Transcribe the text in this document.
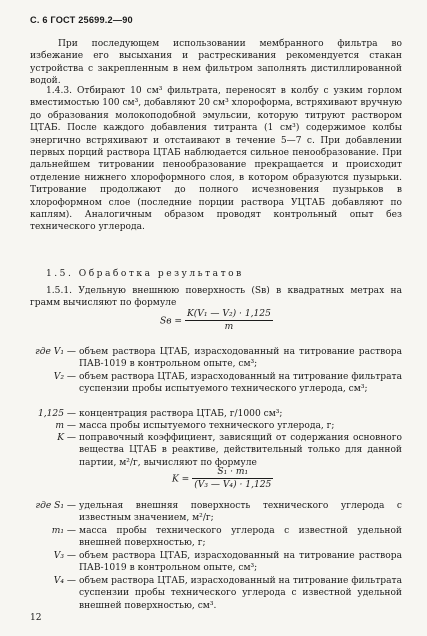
С. 6 ГОСТ 25699.2—90
При последующем использовании мембранного фильтра во избежание его высыхания и растрескивания рекомендуется стакан устройства с закрепленным в нем фильтром заполнять дистиллированной водой.
1.4.3. Отбирают 10 см³ фильтрата, переносят в колбу с узким горлом вместимостью 100 см³, добавляют 20 см³ хлороформа, встряхивают вручную до образования молокоподобной эмульсии, которую титруют раствором ЦТАБ. После каждого добавления титранта (1 см³) содержимое колбы энергично встряхивают и отстаивают в течение 5—7 с. При добавлении первых порций раствора ЦТАБ наблюдается сильное пенообразование. При дальнейшем титровании пенообразование прекращается и происходит отделение нижнего хлороформного слоя, в котором образуются пузырьки. Титрование продолжают до полного исчезновения пузырьков в хлороформном слое (последние порции раствора УЦТАБ добавляют по каплям). Аналогичным образом проводят контрольный опыт без технического углерода.
1.5. Обработка результатов
1.5.1. Удельную внешнюю поверхность (Sв) в квадратных метрах на грамм вычисляют по формуле
Sв = $\frac{\text{K(V₁ — V₂) · 1,125}}{m}$
где V₁ — объем раствора ЦТАБ, израсходованный на титрование раствора ПАВ-1019 в контрольном опыте, см³;
V₂ — объем раствора ЦТАБ, израсходованный на титрование фильтрата суспензии пробы испытуемого технического углерода, см³;
1,125 — концентрация раствора ЦТАБ, г/1000 см³;
m — масса пробы испытуемого технического углерода, г;
K — поправочный коэффициент, зависящий от содержания основного вещества ЦТАБ в реактиве, действительный только для данной партии, м²/г, вычисляют по формуле
$K = \frac{\text{S₁ · m₁}}{\text{(V₃ — V₄) · 1,125}}$
где S₁ — удельная внешняя поверхность технического углерода с известным значением, м²/г;
m₁ — масса пробы технического углерода с известной удельной внешней поверхностью, г;
V₃ — объем раствора ЦТАБ, израсходованный на титрование раствора ПАВ-1019 в контрольном опыте, см³;
V₄ — объем раствора ЦТАБ, израсходованный на титрование фильтрата суспензии пробы технического углерода с известной удельной внешней поверхностью, см³.
12
